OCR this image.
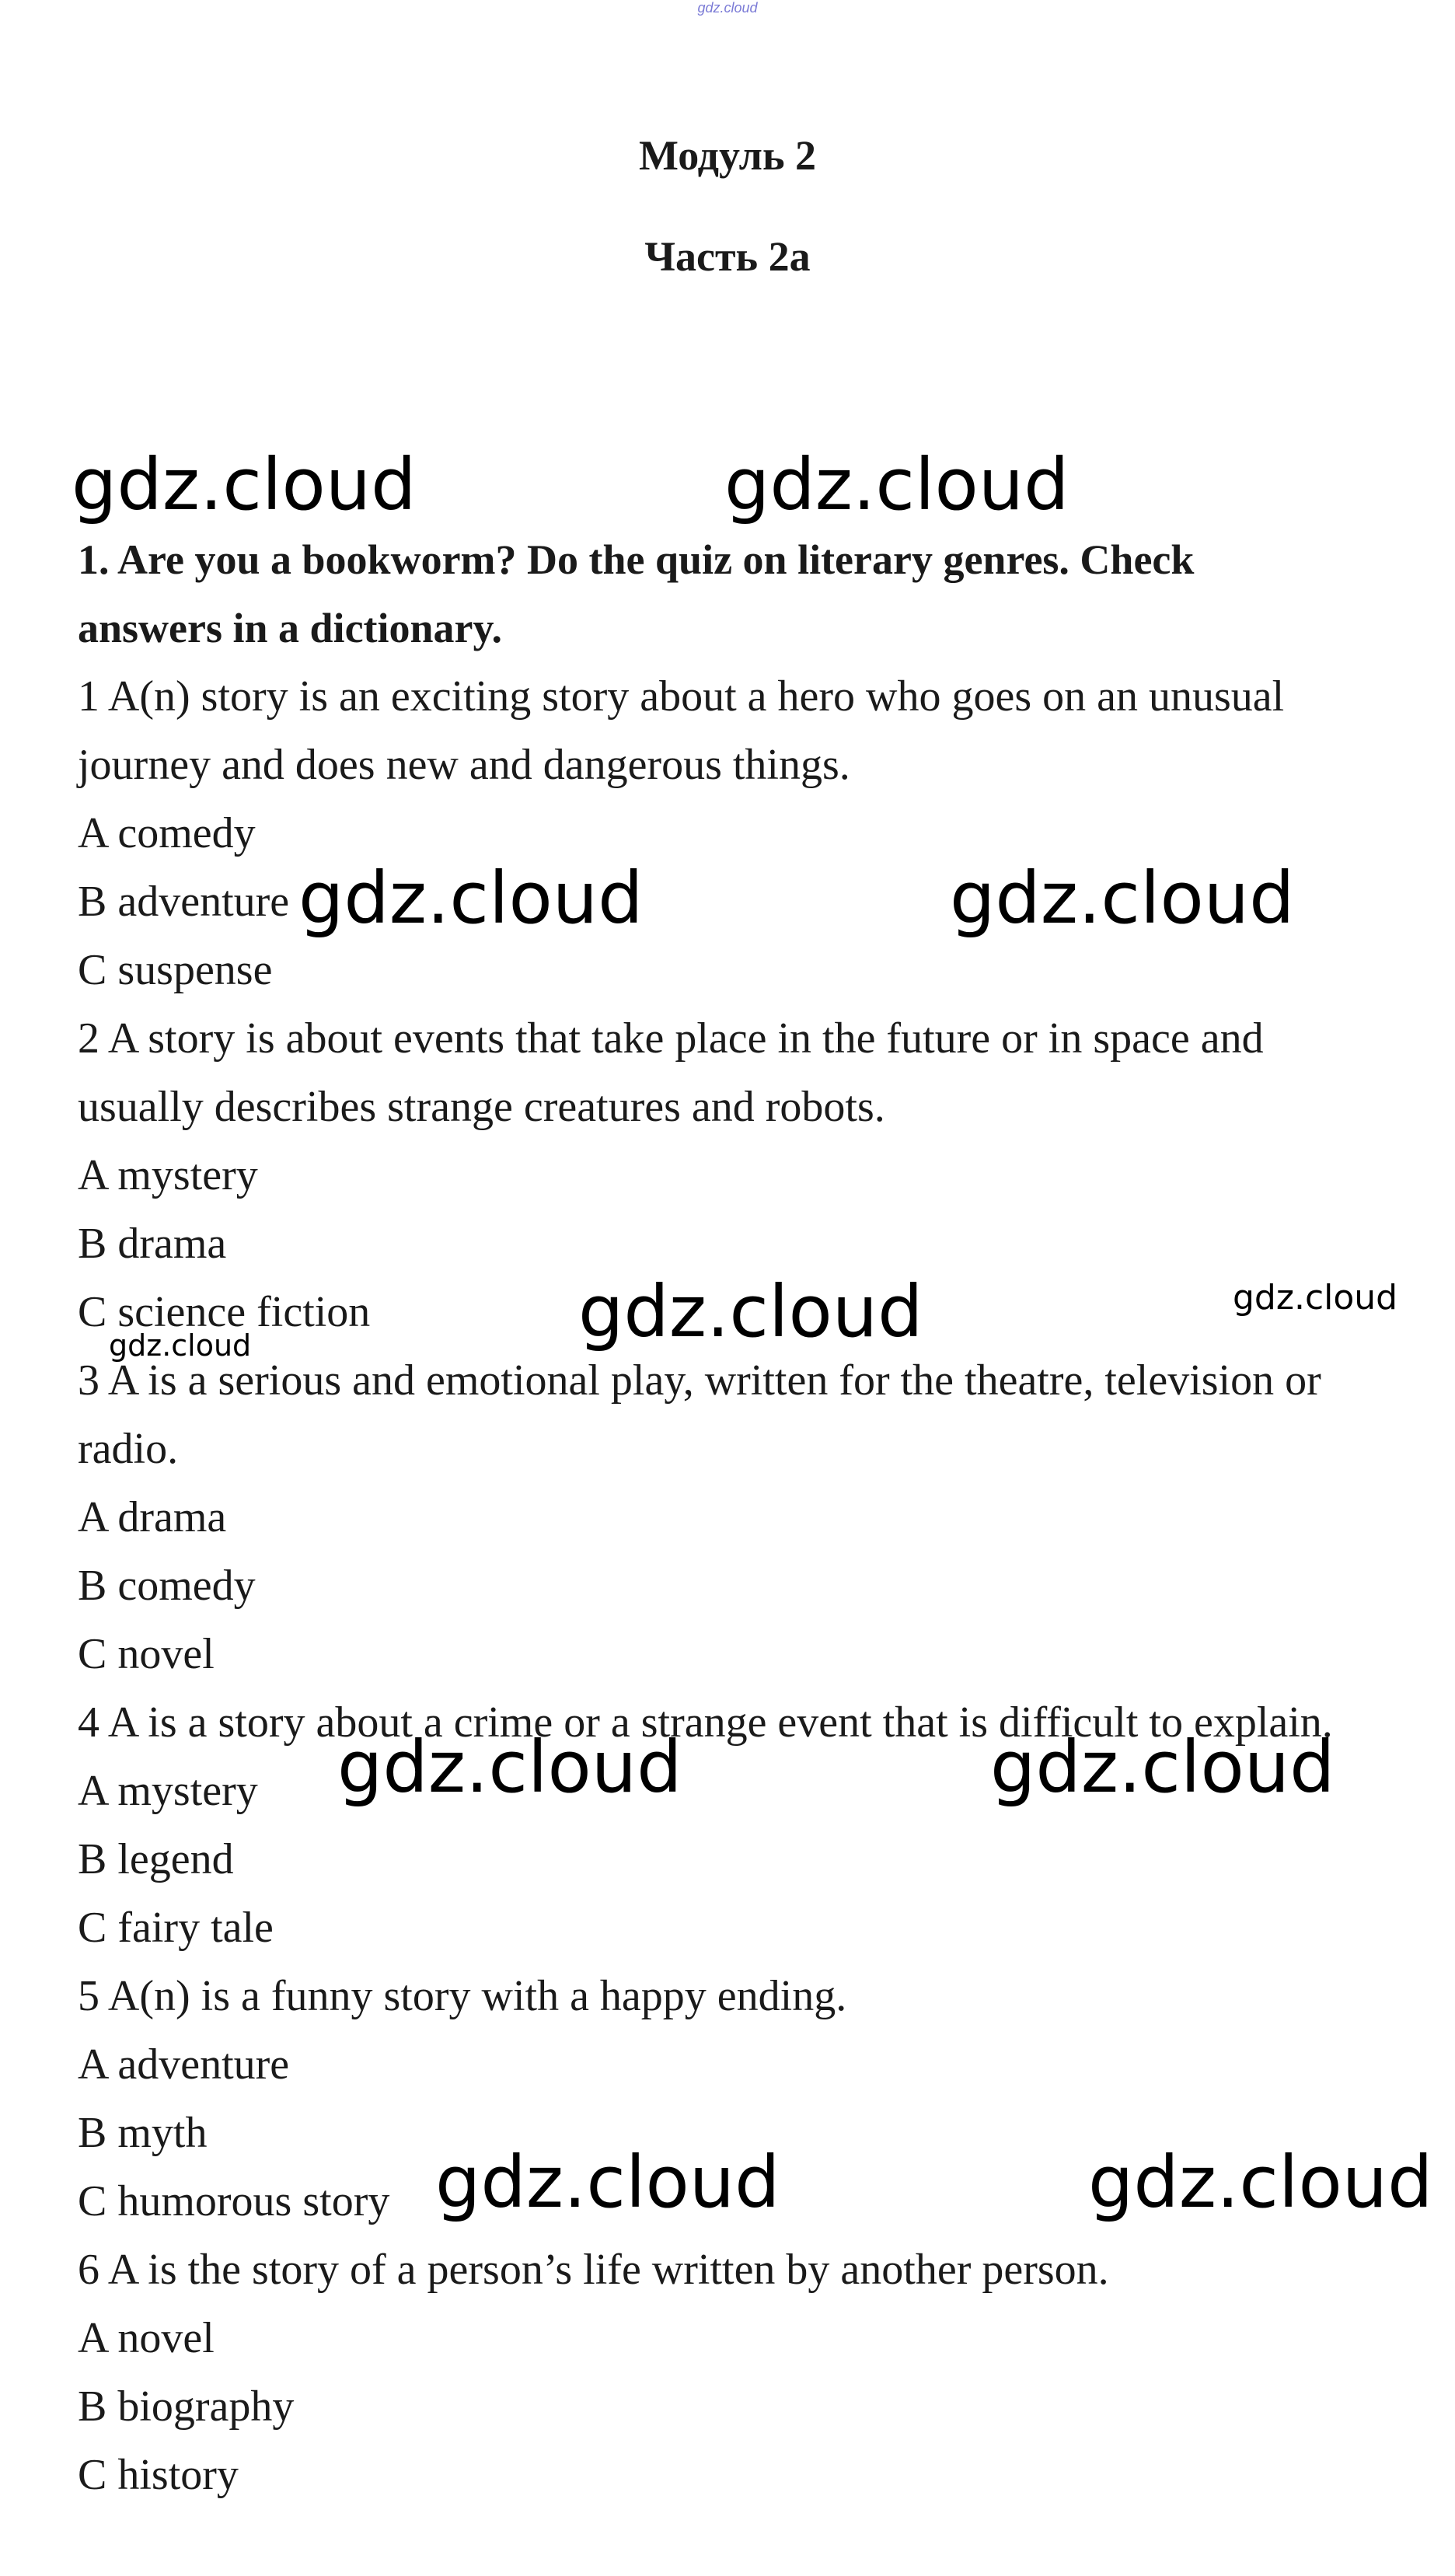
gdz.cloud
Модуль 2
Часть 2а
1. Are you a bookworm? Do the quiz on literary genres. Check
answers in a dictionary.
1 A(n) story is an exciting story about a hero who goes on an unusual
journey and does new and dangerous things.
A comedy
B adventure
C suspense
2 A story is about events that take place in the future or in space and
usually describes strange creatures and robots.
A mystery
B drama
C science fiction
3 A is a serious and emotional play, written for the theatre, television or
radio.
A drama
B comedy
C novel
4 A is a story about a crime or a strange event that is difficult to explain.
A mystery
B legend
C fairy tale
5 A(n) is a funny story with a happy ending.
A adventure
B myth
C humorous story
6 A is the story of a person’s life written by another person.
A novel
B biography
C history
gdz.cloud	gdz.cloud
gdz.cloud	gdz.cloud
gdz.cloud	gdz.cloud
gdz.cloud
gdz.cloud	gdz.cloud
gdz.cloud	gdz.cloud
